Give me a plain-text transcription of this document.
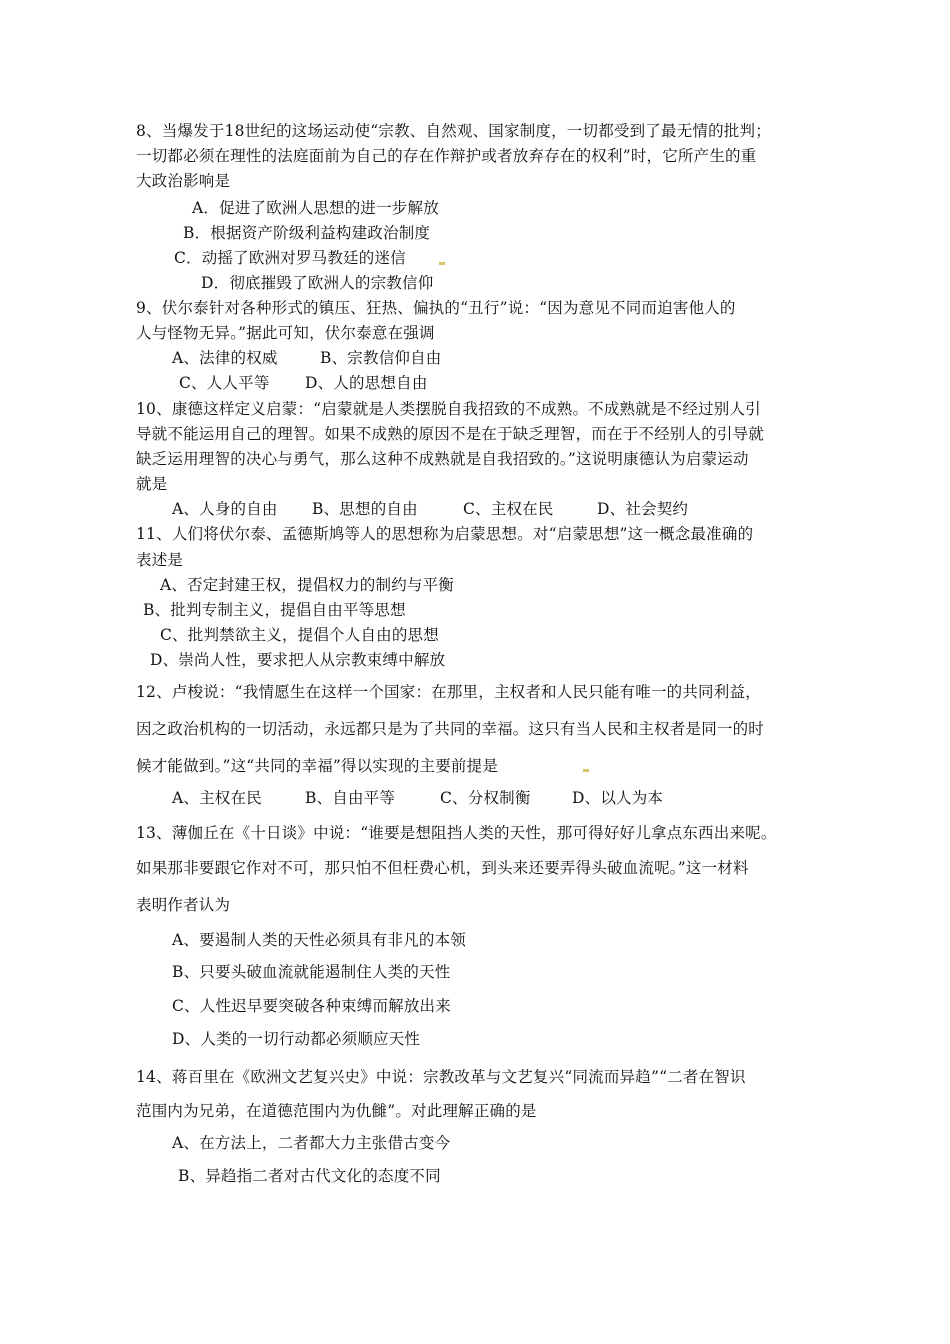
8、当爆发于18世纪的这场运动使“宗教、自然观、国家制度，一切都受到了最无情的批判；
一切都必须在理性的法庭面前为自己的存在作辩护或者放弃存在的权利”时，它所产生的重
大政治影响是
A．促进了欧洲人思想的进一步解放
B．根据资产阶级利益构建政治制度
C．动摇了欧洲对罗马教廷的迷信
D．彻底摧毁了欧洲人的宗教信仰
9、伏尔泰针对各种形式的镇压、狂热、偏执的“丑行”说：“因为意见不同而迫害他人的
人与怪物无异。”据此可知，伏尔泰意在强调
A、法律的权威	B、宗教信仰自由
C、人人平等 D、人的思想自由
10、康德这样定义启蒙：“启蒙就是人类摆脱自我招致的不成熟。不成熟就是不经过别人引
导就不能运用自己的理智。如果不成熟的原因不是在于缺乏理智，而在于不经别人的引导就
缺乏运用理智的决心与勇气，那么这种不成熟就是自我招致的。”这说明康德认为启蒙运动
就是
A、人身的自由 B、思想的自由	C、主权在民	D、社会契约
11、人们将伏尔泰、孟德斯鸠等人的思想称为启蒙思想。对“启蒙思想”这一概念最准确的
表述是
A、否定封建王权，提倡权力的制约与平衡
B、批判专制主义，提倡自由平等思想
C、批判禁欲主义，提倡个人自由的思想
D、崇尚人性，要求把人从宗教束缚中解放
12、卢梭说：“我情愿生在这样一个国家：在那里，主权者和人民只能有唯一的共同利益，
因之政治机构的一切活动，永远都只是为了共同的幸福。这只有当人民和主权者是同一的时
候才能做到。”这“共同的幸福”得以实现的主要前提是
A、主权在民	B、自由平等	C、分权制衡	D、以人为本
13、薄伽丘在《十日谈》中说：“谁要是想阻挡人类的天性，那可得好好儿拿点东西出来呢。
如果那非要跟它作对不可，那只怕不但枉费心机，到头来还要弄得头破血流呢。”这一材料
表明作者认为
A、要遏制人类的天性必须具有非凡的本领
B、只要头破血流就能遏制住人类的天性
C、人性迟早要突破各种束缚而解放出来
D、人类的一切行动都必须顺应天性
14、蒋百里在《欧洲文艺复兴史》中说：宗教改革与文艺复兴“同流而异趋”“二者在智识
范围内为兄弟，在道德范围内为仇雠”。对此理解正确的是
A、在方法上，二者都大力主张借古变今
B、异趋指二者对古代文化的态度不同
